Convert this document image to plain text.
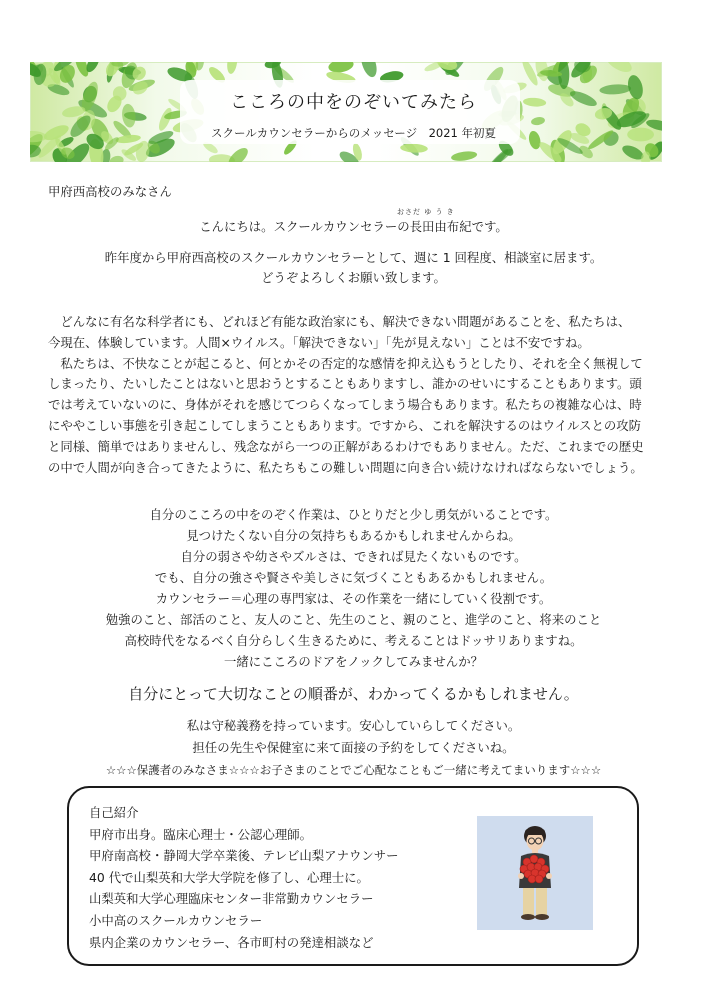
こころの中をのぞいてみたら
スクールカウンセラーからのメッセージ　2021 年初夏
甲府西高校のみなさん
おさだ ゆ う き
こんにちは。スクールカウンセラーの長田由布紀です。
昨年度から甲府西高校のスクールカウンセラーとして、週に 1 回程度、相談室に居ます。
どうぞよろしくお願い致します。
　どんなに有名な科学者にも、どれほど有能な政治家にも、解決できない問題があることを、私たちは、
今現在、体験しています。人間×ウイルス。「解決できない」「先が見えない」ことは不安ですね。
　私たちは、不快なことが起こると、何とかその否定的な感情を抑え込もうとしたり、それを全く無視して
しまったり、たいしたことはないと思おうとすることもありますし、誰かのせいにすることもあります。頭
では考えていないのに、身体がそれを感じてつらくなってしまう場合もあります。私たちの複雑な心は、時
にややこしい事態を引き起こしてしまうこともあります。ですから、これを解決するのはウイルスとの攻防
と同様、簡単ではありませんし、残念ながら一つの正解があるわけでもありません。ただ、これまでの歴史
の中で人間が向き合ってきたように、私たちもこの難しい問題に向き合い続けなければならないでしょう。
自分のこころの中をのぞく作業は、ひとりだと少し勇気がいることです。
見つけたくない自分の気持ちもあるかもしれませんからね。
自分の弱さや幼さやズルさは、できれば見たくないものです。
でも、自分の強さや賢さや美しさに気づくこともあるかもしれません。
カウンセラー＝心理の専門家は、その作業を一緒にしていく役割です。
勉強のこと、部活のこと、友人のこと、先生のこと、親のこと、進学のこと、将来のこと
高校時代をなるべく自分らしく生きるために、考えることはドッサリありますね。
一緒にこころのドアをノックしてみませんか？
自分にとって大切なことの順番が、わかってくるかもしれません。
私は守秘義務を持っています。安心していらしてください。
担任の先生や保健室に来て面接の予約をしてくださいね。
☆☆☆保護者のみなさま☆☆☆お子さまのことでご心配なこともご一緒に考えてまいります☆☆☆
自己紹介
甲府市出身。臨床心理士・公認心理師。
甲府南高校・静岡大学卒業後、テレビ山梨アナウンサー
40 代で山梨英和大学大学院を修了し、心理士に。
山梨英和大学心理臨床センター非常勤カウンセラー
小中高のスクールカウンセラー
県内企業のカウンセラー、各市町村の発達相談など
